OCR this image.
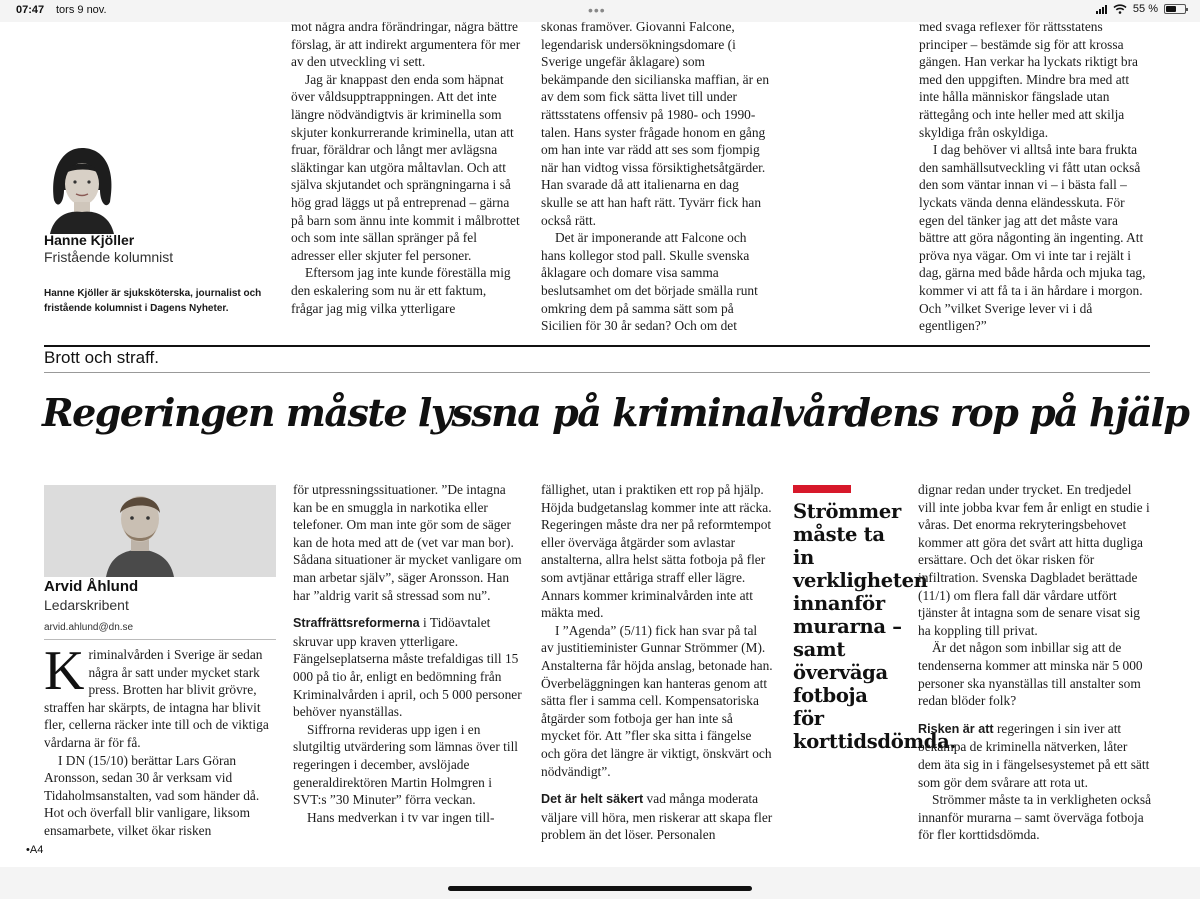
07:47 tors 9 nov.	•••	55 %
Hanne Kjöller
Fristående kolumnist
Hanne Kjöller är sjuksköterska, journalist och fristående kolumnist i Dagens Nyheter.

mot några andra förändringar, några bättre förslag, är att indirekt argumentera för mer av den utveckling vi sett.

Jag är knappast den enda som häpnat över våldsupptrappningen. Att det inte längre nödvändigtvis är kriminella som skjuter konkurrerande kriminella, utan att fruar, föräldrar och långt mer avlägsna släktingar kan utgöra måltavlan. Och att själva skjutandet och sprängningarna i så hög grad läggs ut på entreprenad – gärna på barn som ännu inte kommit i målbrottet och som inte sällan spränger på fel adresser eller skjuter fel personer.

Eftersom jag inte kunde föreställa mig den eskalering som nu är ett faktum, frågar jag mig vilka ytterligare

skonas framöver. Giovanni Falcone, legendarisk undersökningsdomare (i Sverige ungefär åklagare) som bekämpande den sicilianska maffian, är en av dem som fick sätta livet till under rättsstatens offensiv på 1980- och 1990-talen. Hans syster frågade honom en gång om han inte var rädd att ses som fjompig när han vidtog vissa försiktighetsåtgärder. Han svarade då att italienarna en dag skulle se att han haft rätt. Tyvärr fick han också rätt.

Det är imponerande att Falcone och hans kollegor stod pall. Skulle svenska åklagare och domare visa samma beslutsamhet om det började smälla runt omkring dem på samma sätt som på Sicilien för 30 år sedan? Och om det

med svaga reflexer för rättsstatens principer – bestämde sig för att krossa gängen. Han verkar ha lyckats riktigt bra med den uppgiften. Mindre bra med att inte hålla människor fängslade utan rättegång och inte heller med att skilja skyldiga från oskyldiga.

I dag behöver vi alltså inte bara frukta den samhällsutveckling vi fått utan också den som väntar innan vi – i bästa fall – lyckats vända denna eländesskuta. För egen del tänker jag att det måste vara bättre att göra någonting än ingenting. Att pröva nya vägar. Om vi inte tar i rejält i dag, gärna med både hårda och mjuka tag, kommer vi att få ta i än hårdare i morgon. Och ”vilket Sverige lever vi i då egentligen?”

Brott och straff.
Regeringen måste lyssna på kriminalvårdens rop på hjälp
Arvid Åhlund
Ledarskribent
arvid.ahlund@dn.se

Kriminalvården i Sverige är sedan några år satt under mycket stark press. Brotten har blivit grövre, straffen har skärpts, de intagna har blivit fler, cellerna räcker inte till och de viktiga vårdarna är för få.

I DN (15/10) berättar Lars Göran Aronsson, sedan 30 år verksam vid Tidaholmsanstalten, vad som händer då. Hot och överfall blir vanligare, liksom ensamarbete, vilket ökar risken

för utpressningssituationer. ”De intagna kan be en smuggla in narkotika eller telefoner. Om man inte gör som de säger kan de hota med att de (vet var man bor). Sådana situationer är mycket vanligare om man arbetar själv”, säger Aronsson. Han har ”aldrig varit så stressad som nu”.

Straffrättsreformerna i Tidöavtalet skruvar upp kraven ytterligare. Fängelseplatserna måste trefaldigas till 15 000 på tio år, enligt en bedömning från Kriminalvården i april, och 5 000 personer behöver nyanställas.

Siffrorna revideras upp igen i en slutgiltig utvärdering som lämnas över till regeringen i december, avslöjade generaldirektören Martin Holmgren i SVT:s ”30 Minuter” förra veckan.

Hans medverkan i tv var ingen till-

fällighet, utan i praktiken ett rop på hjälp. Höjda budgetanslag kommer inte att räcka. Regeringen måste dra ner på reformtempot eller överväga åtgärder som avlastar anstalterna, allra helst sätta fotboja på fler som avtjänar ettåriga straff eller lägre. Annars kommer kriminalvården inte att mäkta med.

I ”Agenda” (5/11) fick han svar på tal av justitieminister Gunnar Strömmer (M). Anstalterna får höjda anslag, betonade han. Överbeläggningen kan hanteras genom att sätta fler i samma cell. Kompensatoriska åtgärder som fotboja ger han inte så mycket för. Att ”fler ska sitta i fängelse och göra det längre är viktigt, önskvärt och nödvändigt”.

Det är helt säkert vad många moderata väljare vill höra, men riskerar att skapa fler problem än det löser. Personalen

Strömmer måste ta in verkligheten innanför murarna – samt överväga fotboja för korttidsdömda.

dignar redan under trycket. En tredjedel vill inte jobba kvar fem år enligt en studie i våras. Det enorma rekryteringsbehovet kommer att göra det svårt att hitta dugliga ersättare. Och det ökar risken för infiltration. Svenska Dagbladet berättade (11/1) om flera fall där vårdare utfört tjänster åt intagna som de senare visat sig ha koppling till privat.

Är det någon som inbillar sig att de tendenserna kommer att minska när 5 000 personer ska nyanställas till anstalter som redan blöder folk?

Risken är att regeringen i sin iver att bekämpa de kriminella nätverken, låter dem äta sig in i fängelsesystemet på ett sätt som gör dem svårare att rota ut.

Strömmer måste ta in verkligheten också innanför murarna – samt överväga fotboja för fler korttidsdömda.

•A4
